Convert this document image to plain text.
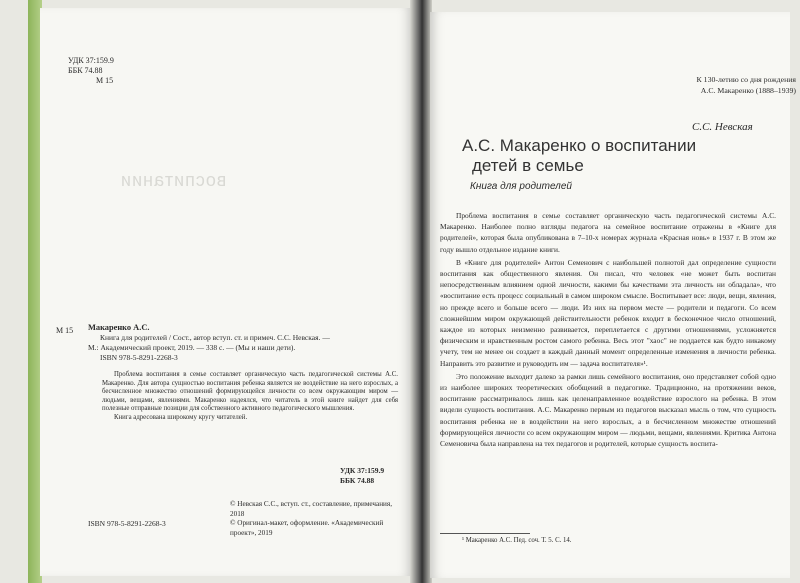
воспитании
УДК 37:159.9
ББК 74.88
М 15
М 15 Макаренко А.С.
Книга для родителей / Сост., автор вступ. ст. и примеч. С.С. Невская. —
М.: Академический проект, 2019. — 338 с. — (Мы и наши дети).
ISBN 978-5-8291-2268-3

Проблема воспитания в семье составляет органическую часть педагогической системы А.С. Макаренко. Для автора сущностью воспитания ребенка является не воздействие на него взрослых, а бесчисленное множество отношений формирующейся личности со всем окружающим миром — людьми, вещами, явлениями. Макаренко надеялся, что читатель в этой книге найдет для себя полезные отправные позиции для собственного активного педагогического мышления.

Книга адресована широкому кругу читателей.

УДК 37:159.9
ББК 74.88
© Невская С.С., вступ. ст., составление, примечания, 2018
© Оригинал-макет, оформление. «Академический проект», 2019
ISBN 978-5-8291-2268-3
К 130-летию со дня рождения
А.С. Макаренко (1888–1939)
С.С. Невская
А.С. Макаренко о воспитании
детей в семье
Книга для родителей

Проблема воспитания в семье составляет органическую часть педагогической системы А.С. Макаренко. Наиболее полно взгляды педагога на семейное воспитание отражены в «Книге для родителей», которая была опубликована в 7–10-х номерах журнала «Красная новь» в 1937 г. В этом же году вышло отдельное издание книги.

В «Книге для родителей» Антон Семенович с наибольшей полнотой дал определение сущности воспитания как общественного явления. Он писал, что человек «не может быть воспитан непосредственным влиянием одной личности, какими бы качествами эта личность ни обладала», что «воспитание есть процесс социальный в самом широком смысле. Воспитывает все: люди, вещи, явления, но прежде всего и больше всего — люди. Из них на первом месте — родители и педагоги. Со всем сложнейшим миром окружающей действительности ребенок входит в бесконечное число отношений, каждое из которых неизменно развивается, переплетается с другими отношениями, усложняется физическим и нравственным ростом самого ребенка. Весь этот "хаос" не поддается как будто никакому учету, тем не менее он создает в каждый данный момент определенные изменения в личности ребенка. Направить это развитие и руководить им — задача воспитателя»¹.

Это положение выходит далеко за рамки лишь семейного воспитания, оно представляет собой одно из наиболее широких теоретических обобщений в педагогике. Традиционно, на протяжении веков, воспитание рассматривалось лишь как целенаправленное воздействие взрослого на ребенка. В этом видели сущность воспитания. А.С. Макаренко первым из педагогов высказал мысль о том, что сущность воспитания ребенка не в воздействии на него взрослых, а в бесчисленном множестве отношений формирующейся личности со всем окружающим миром — людьми, вещами, явлениями. Критика Антона Семеновича была направлена на тех педагогов и родителей, которые сущность воспита-

¹ Макаренко А.С. Пед. соч. Т. 5. С. 14.
